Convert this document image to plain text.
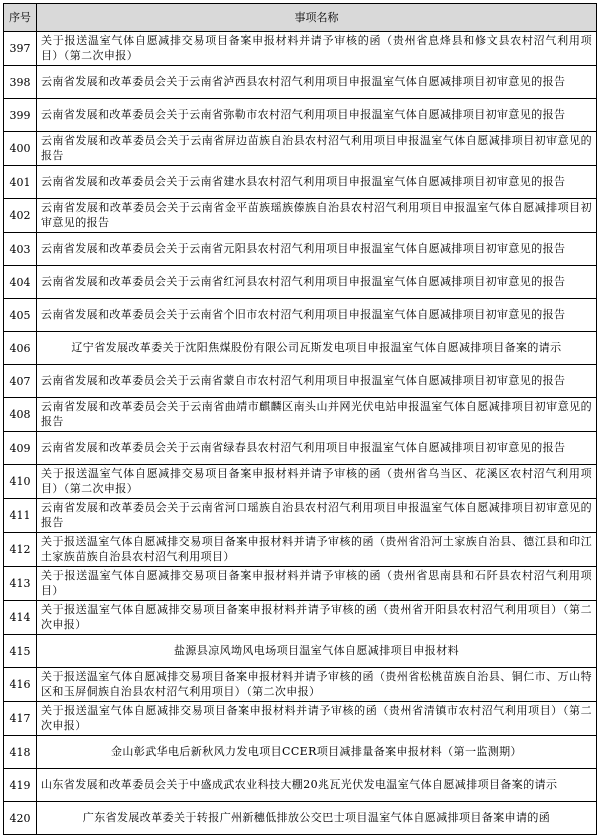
序号	事项名称
397	关于报送温室气体自愿减排交易项目备案申报材料并请予审核的函（贵州省息烽县和修文县农村沼气利用项目）（第二次申报）
398	云南省发展和改革委员会关于云南省泸西县农村沼气利用项目申报温室气体自愿减排项目初审意见的报告
399	云南省发展和改革委员会关于云南省弥勒市农村沼气利用项目申报温室气体自愿减排项目初审意见的报告
400	云南省发展和改革委员会关于云南省屏边苗族自治县农村沼气利用项目申报温室气体自愿减排项目初审意见的报告
401	云南省发展和改革委员会关于云南省建水县农村沼气利用项目申报温室气体自愿减排项目初审意见的报告
402	云南省发展和改革委员会关于云南省金平苗族瑶族傣族自治县农村沼气利用项目申报温室气体自愿减排项目初审意见的报告
403	云南省发展和改革委员会关于云南省元阳县农村沼气利用项目申报温室气体自愿减排项目初审意见的报告
404	云南省发展和改革委员会关于云南省红河县农村沼气利用项目申报温室气体自愿减排项目初审意见的报告
405	云南省发展和改革委员会关于云南省个旧市农村沼气利用项目申报温室气体自愿减排项目初审意见的报告
406	辽宁省发展改革委关于沈阳焦煤股份有限公司瓦斯发电项目申报温室气体自愿减排项目备案的请示
407	云南省发展和改革委员会关于云南省蒙自市农村沼气利用项目申报温室气体自愿减排项目初审意见的报告
408	云南省发展和改革委员会关于云南省曲靖市麒麟区南头山并网光伏电站申报温室气体自愿减排项目初审意见的报告
409	云南省发展和改革委员会关于云南省绿春县农村沼气利用项目申报温室气体自愿减排项目初审意见的报告
410	关于报送温室气体自愿减排交易项目备案申报材料并请予审核的函（贵州省乌当区、花溪区农村沼气利用项目）（第二次申报）
411	云南省发展和改革委员会关于云南省河口瑶族自治县农村沼气利用项目申报温室气体自愿减排项目初审意见的报告
412	关于报送温室气体自愿减排交易项目备案申报材料并请予审核的函（贵州省沿河土家族自治县、德江县和印江土家族苗族自治县农村沼气利用项目）
413	关于报送温室气体自愿减排交易项目备案申报材料并请予审核的函（贵州省思南县和石阡县农村沼气利用项目）
414	关于报送温室气体自愿减排交易项目备案申报材料并请予审核的函（贵州省开阳县农村沼气利用项目）（第二次申报）
415	盐源县凉风坳风电场项目温室气体自愿减排项目申报材料
416	关于报送温室气体自愿减排交易项目备案申报材料并请予审核的函（贵州省松桃苗族自治县、铜仁市、万山特区和玉屏侗族自治县农村沼气利用项目）（第二次申报）
417	关于报送温室气体自愿减排交易项目备案申报材料并请予审核的函（贵州省清镇市农村沼气利用项目）（第二次申报）
418	金山彰武华电后新秋风力发电项目CCER项目减排量备案申报材料（第一监测期）
419	山东省发展和改革委员会关于中盛成武农业科技大棚20兆瓦光伏发电温室气体自愿减排项目备案的请示
420	广东省发展改革委关于转报广州新穗低排放公交巴士项目温室气体自愿减排项目备案申请的函
